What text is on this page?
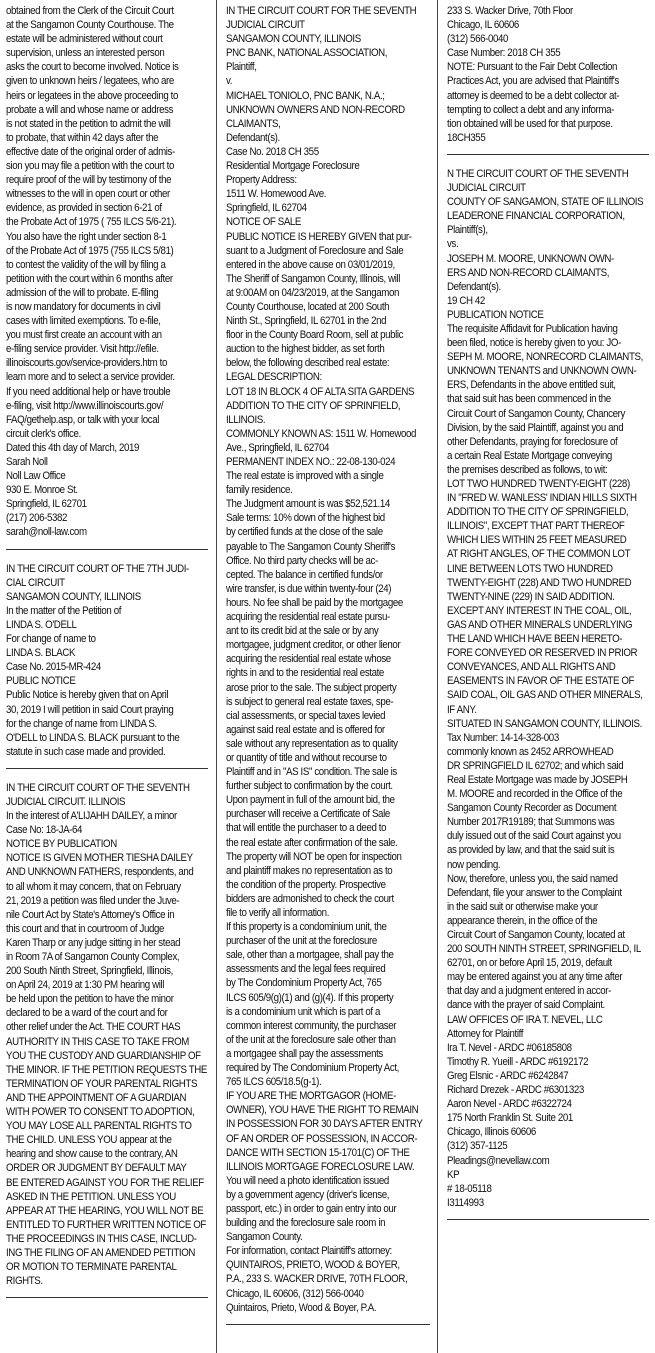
obtained from the Clerk of the Circuit Court
at the Sangamon County Courthouse. The
estate will be administered without court
supervision, unless an interested person
asks the court to become involved. Notice is
given to unknown heirs / legatees, who are
heirs or legatees in the above proceeding to
probate a will and whose name or address
is not stated in the petition to admit the will
to probate, that within 42 days after the
effective date of the original order of admis-
sion you may file a petition with the court to
require proof of the will by testimony of the
witnesses to the will in open court or other
evidence, as provided in section 6-21 of
the Probate Act of 1975 ( 755 ILCS 5/6-21).
You also have the right under section 8-1
of the Probate Act of 1975 (755 ILCS 5/81)
to contest the validity of the will by filing a
petition with the court within 6 months after
admission of the will to probate. E-filing
is now mandatory for documents in civil
cases with limited exemptions. To e-file,
you must first create an account with an
e-filing service provider. Visit http://efile.
illinoiscourts.gov/service-providers.htm to
learn more and to select a service provider.
If you need additional help or have trouble
e-filing, visit http://www.illinoiscourts.gov/
FAQ/gethelp.asp, or talk with your local
circuit clerk's office.
Dated this 4th day of March, 2019
Sarah Noll
Noll Law Office
930 E. Monroe St.
Springfield, IL 62701
(217) 206-5382
sarah@noll-law.com
IN THE CIRCUIT COURT OF THE 7TH JUDI-
CIAL CIRCUIT
SANGAMON COUNTY, ILLINOIS
In the matter of the Petition of
LINDA S. O'DELL
For change of name to
LINDA S. BLACK
Case No. 2015-MR-424
PUBLIC NOTICE
Public Notice is hereby given that on April
30, 2019 I will petition in said Court praying
for the change of name from LINDA S.
O'DELL to LINDA S. BLACK pursuant to the
statute in such case made and provided.
IN THE CIRCUIT COURT OF THE SEVENTH
JUDICIAL CIRCUIT. ILLINOIS
In the interest of A'LIJAHH DAILEY, a minor
Case No: 18-JA-64
NOTICE BY PUBLICATION
NOTICE IS GIVEN MOTHER TIESHA DAILEY
AND UNKNOWN FATHERS, respondents, and
to all whom it may concern, that on February
21, 2019 a petition was filed under the Juve-
nile Court Act by State's Attorney's Office in
this court and that in courtroom of Judge
Karen Tharp or any judge sitting in her stead
in Room 7A of Sangamon County Complex,
200 South Ninth Street, Springfield, Illinois,
on April 24, 2019 at 1:30 PM hearing will
be held upon the petition to have the minor
declared to be a ward of the court and for
other relief under the Act. THE COURT HAS
AUTHORITY IN THIS CASE TO TAKE FROM
YOU THE CUSTODY AND GUARDIANSHIP OF
THE MINOR. IF THE PETITION REQUESTS THE
TERMINATION OF YOUR PARENTAL RIGHTS
AND THE APPOINTMENT OF A GUARDIAN
WITH POWER TO CONSENT TO ADOPTION,
YOU MAY LOSE ALL PARENTAL RIGHTS TO
THE CHILD. UNLESS YOU appear at the
hearing and show cause to the contrary, AN
ORDER OR JUDGMENT BY DEFAULT MAY
BE ENTERED AGAINST YOU FOR THE RELIEF
ASKED IN THE PETITION. UNLESS YOU
APPEAR AT THE HEARING, YOU WILL NOT BE
ENTITLED TO FURTHER WRITTEN NOTICE OF
THE PROCEEDINGS IN THIS CASE, INCLUD-
ING THE FILING OF AN AMENDED PETITION
OR MOTION TO TERMINATE PARENTAL
RIGHTS.
IN THE CIRCUIT COURT FOR THE SEVENTH
JUDICIAL CIRCUIT
SANGAMON COUNTY, ILLINOIS
PNC BANK, NATIONAL ASSOCIATION,
Plaintiff,
v.
MICHAEL TONIOLO, PNC BANK, N.A.;
UNKNOWN OWNERS AND NON-RECORD
CLAIMANTS,
Defendant(s).
Case No. 2018 CH 355
Residential Mortgage Foreclosure
Property Address:
1511 W. Homewood Ave.
Springfield, IL 62704
NOTICE OF SALE
PUBLIC NOTICE IS HEREBY GIVEN that pur-
suant to a Judgment of Foreclosure and Sale
entered in the above cause on 03/01/2019,
The Sheriff of Sangamon County, Illinois, will
at 9:00AM on 04/23/2019, at the Sangamon
County Courthouse, located at 200 South
Ninth St., Springfield, IL 62701 in the 2nd
floor in the County Board Room, sell at public
auction to the highest bidder, as set forth
below, the following described real estate:
LEGAL DESCRIPTION:
LOT 18 IN BLOCK 4 OF ALTA SITA GARDENS
ADDITION TO THE CITY OF SPRINFIELD,
ILLINOIS.
COMMONLY KNOWN AS: 1511 W. Homewood
Ave., Springfield, IL 62704
PERMANENT INDEX NO.: 22-08-130-024
The real estate is improved with a single
family residence.
The Judgment amount is was $52,521.14
Sale terms: 10% down of the highest bid
by certified funds at the close of the sale
payable to The Sangamon County Sheriff's
Office. No third party checks will be ac-
cepted. The balance in certified funds/or
wire transfer, is due within twenty-four (24)
hours. No fee shall be paid by the mortgagee
acquiring the residential real estate pursu-
ant to its credit bid at the sale or by any
mortgagee, judgment creditor, or other lienor
acquiring the residential real estate whose
rights in and to the residential real estate
arose prior to the sale. The subject property
is subject to general real estate taxes, spe-
cial assessments, or special taxes levied
against said real estate and is offered for
sale without any representation as to quality
or quantity of title and without recourse to
Plaintiff and in "AS IS" condition. The sale is
further subject to confirmation by the court.
Upon payment in full of the amount bid, the
purchaser will receive a Certificate of Sale
that will entitle the purchaser to a deed to
the real estate after confirmation of the sale.
The property will NOT be open for inspection
and plaintiff makes no representation as to
the condition of the property. Prospective
bidders are admonished to check the court
file to verify all information.
If this property is a condominium unit, the
purchaser of the unit at the foreclosure
sale, other than a mortgagee, shall pay the
assessments and the legal fees required
by The Condominium Property Act, 765
ILCS 605/9(g)(1) and (g)(4). If this property
is a condominium unit which is part of a
common interest community, the purchaser
of the unit at the foreclosure sale other than
a mortgagee shall pay the assessments
required by The Condominium Property Act,
765 ILCS 605/18.5(g-1).
IF YOU ARE THE MORTGAGOR (HOME-
OWNER), YOU HAVE THE RIGHT TO REMAIN
IN POSSESSION FOR 30 DAYS AFTER ENTRY
OF AN ORDER OF POSSESSION, IN ACCOR-
DANCE WITH SECTION 15-1701(C) OF THE
ILLINOIS MORTGAGE FORECLOSURE LAW.
You will need a photo identification issued
by a government agency (driver's license,
passport, etc.) in order to gain entry into our
building and the foreclosure sale room in
Sangamon County.
For information, contact Plaintiff's attorney:
QUINTAIROS, PRIETO, WOOD & BOYER,
P.A., 233 S. WACKER DRIVE, 70TH FLOOR,
Chicago, IL 60606, (312) 566-0040
Quintairos, Prieto, Wood & Boyer, P.A.
233 S. Wacker Drive, 70th Floor
Chicago, IL 60606
(312) 566-0040
Case Number: 2018 CH 355
NOTE: Pursuant to the Fair Debt Collection
Practices Act, you are advised that Plaintiff's
attorney is deemed to be a debt collector at-
tempting to collect a debt and any informa-
tion obtained will be used for that purpose.
18CH355
N THE CIRCUIT COURT OF THE SEVENTH
JUDICIAL CIRCUIT
COUNTY OF SANGAMON, STATE OF ILLINOIS
LEADERONE FINANCIAL CORPORATION,
Plaintiff(s),
vs.
JOSEPH M. MOORE, UNKNOWN OWN-
ERS AND NON-RECORD CLAIMANTS,
Defendant(s).
19 CH 42
PUBLICATION NOTICE
The requisite Affidavit for Publication having
been filed, notice is hereby given to you: JO-
SEPH M. MOORE, NONRECORD CLAIMANTS,
UNKNOWN TENANTS and UNKNOWN OWN-
ERS, Defendants in the above entitled suit,
that said suit has been commenced in the
Circuit Court of Sangamon County, Chancery
Division, by the said Plaintiff, against you and
other Defendants, praying for foreclosure of
a certain Real Estate Mortgage conveying
the premises described as follows, to wit:
LOT TWO HUNDRED TWENTY-EIGHT (228)
IN "FRED W. WANLESS' INDIAN HILLS SIXTH
ADDITION TO THE CITY OF SPRINGFIELD,
ILLINOIS", EXCEPT THAT PART THEREOF
WHICH LIES WITHIN 25 FEET MEASURED
AT RIGHT ANGLES, OF THE COMMON LOT
LINE BETWEEN LOTS TWO HUNDRED
TWENTY-EIGHT (228) AND TWO HUNDRED
TWENTY-NINE (229) IN SAID ADDITION.
EXCEPT ANY INTEREST IN THE COAL, OIL,
GAS AND OTHER MINERALS UNDERLYING
THE LAND WHICH HAVE BEEN HERETO-
FORE CONVEYED OR RESERVED IN PRIOR
CONVEYANCES, AND ALL RIGHTS AND
EASEMENTS IN FAVOR OF THE ESTATE OF
SAID COAL, OIL GAS AND OTHER MINERALS,
IF ANY.
SITUATED IN SANGAMON COUNTY, ILLINOIS.
Tax Number: 14-14-328-003
commonly known as 2452 ARROWHEAD
DR SPRINGFIELD IL 62702; and which said
Real Estate Mortgage was made by JOSEPH
M. MOORE and recorded in the Office of the
Sangamon County Recorder as Document
Number 2017R19189; that Summons was
duly issued out of the said Court against you
as provided by law, and that the said suit is
now pending.
Now, therefore, unless you, the said named
Defendant, file your answer to the Complaint
in the said suit or otherwise make your
appearance therein, in the office of the
Circuit Court of Sangamon County, located at
200 SOUTH NINTH STREET, SPRINGFIELD, IL
62701, on or before April 15, 2019, default
may be entered against you at any time after
that day and a judgment entered in accor-
dance with the prayer of said Complaint.
LAW OFFICES OF IRA T. NEVEL, LLC
Attorney for Plaintiff
Ira T. Nevel - ARDC #06185808
Timothy R. Yueill - ARDC #6192172
Greg Elsnic - ARDC #6242847
Richard Drezek - ARDC #6301323
Aaron Nevel - ARDC #6322724
175 North Franklin St. Suite 201
Chicago, Illinois 60606
(312) 357-1125
Pleadings@nevellaw.com
KP
# 18-05118
I3114993
